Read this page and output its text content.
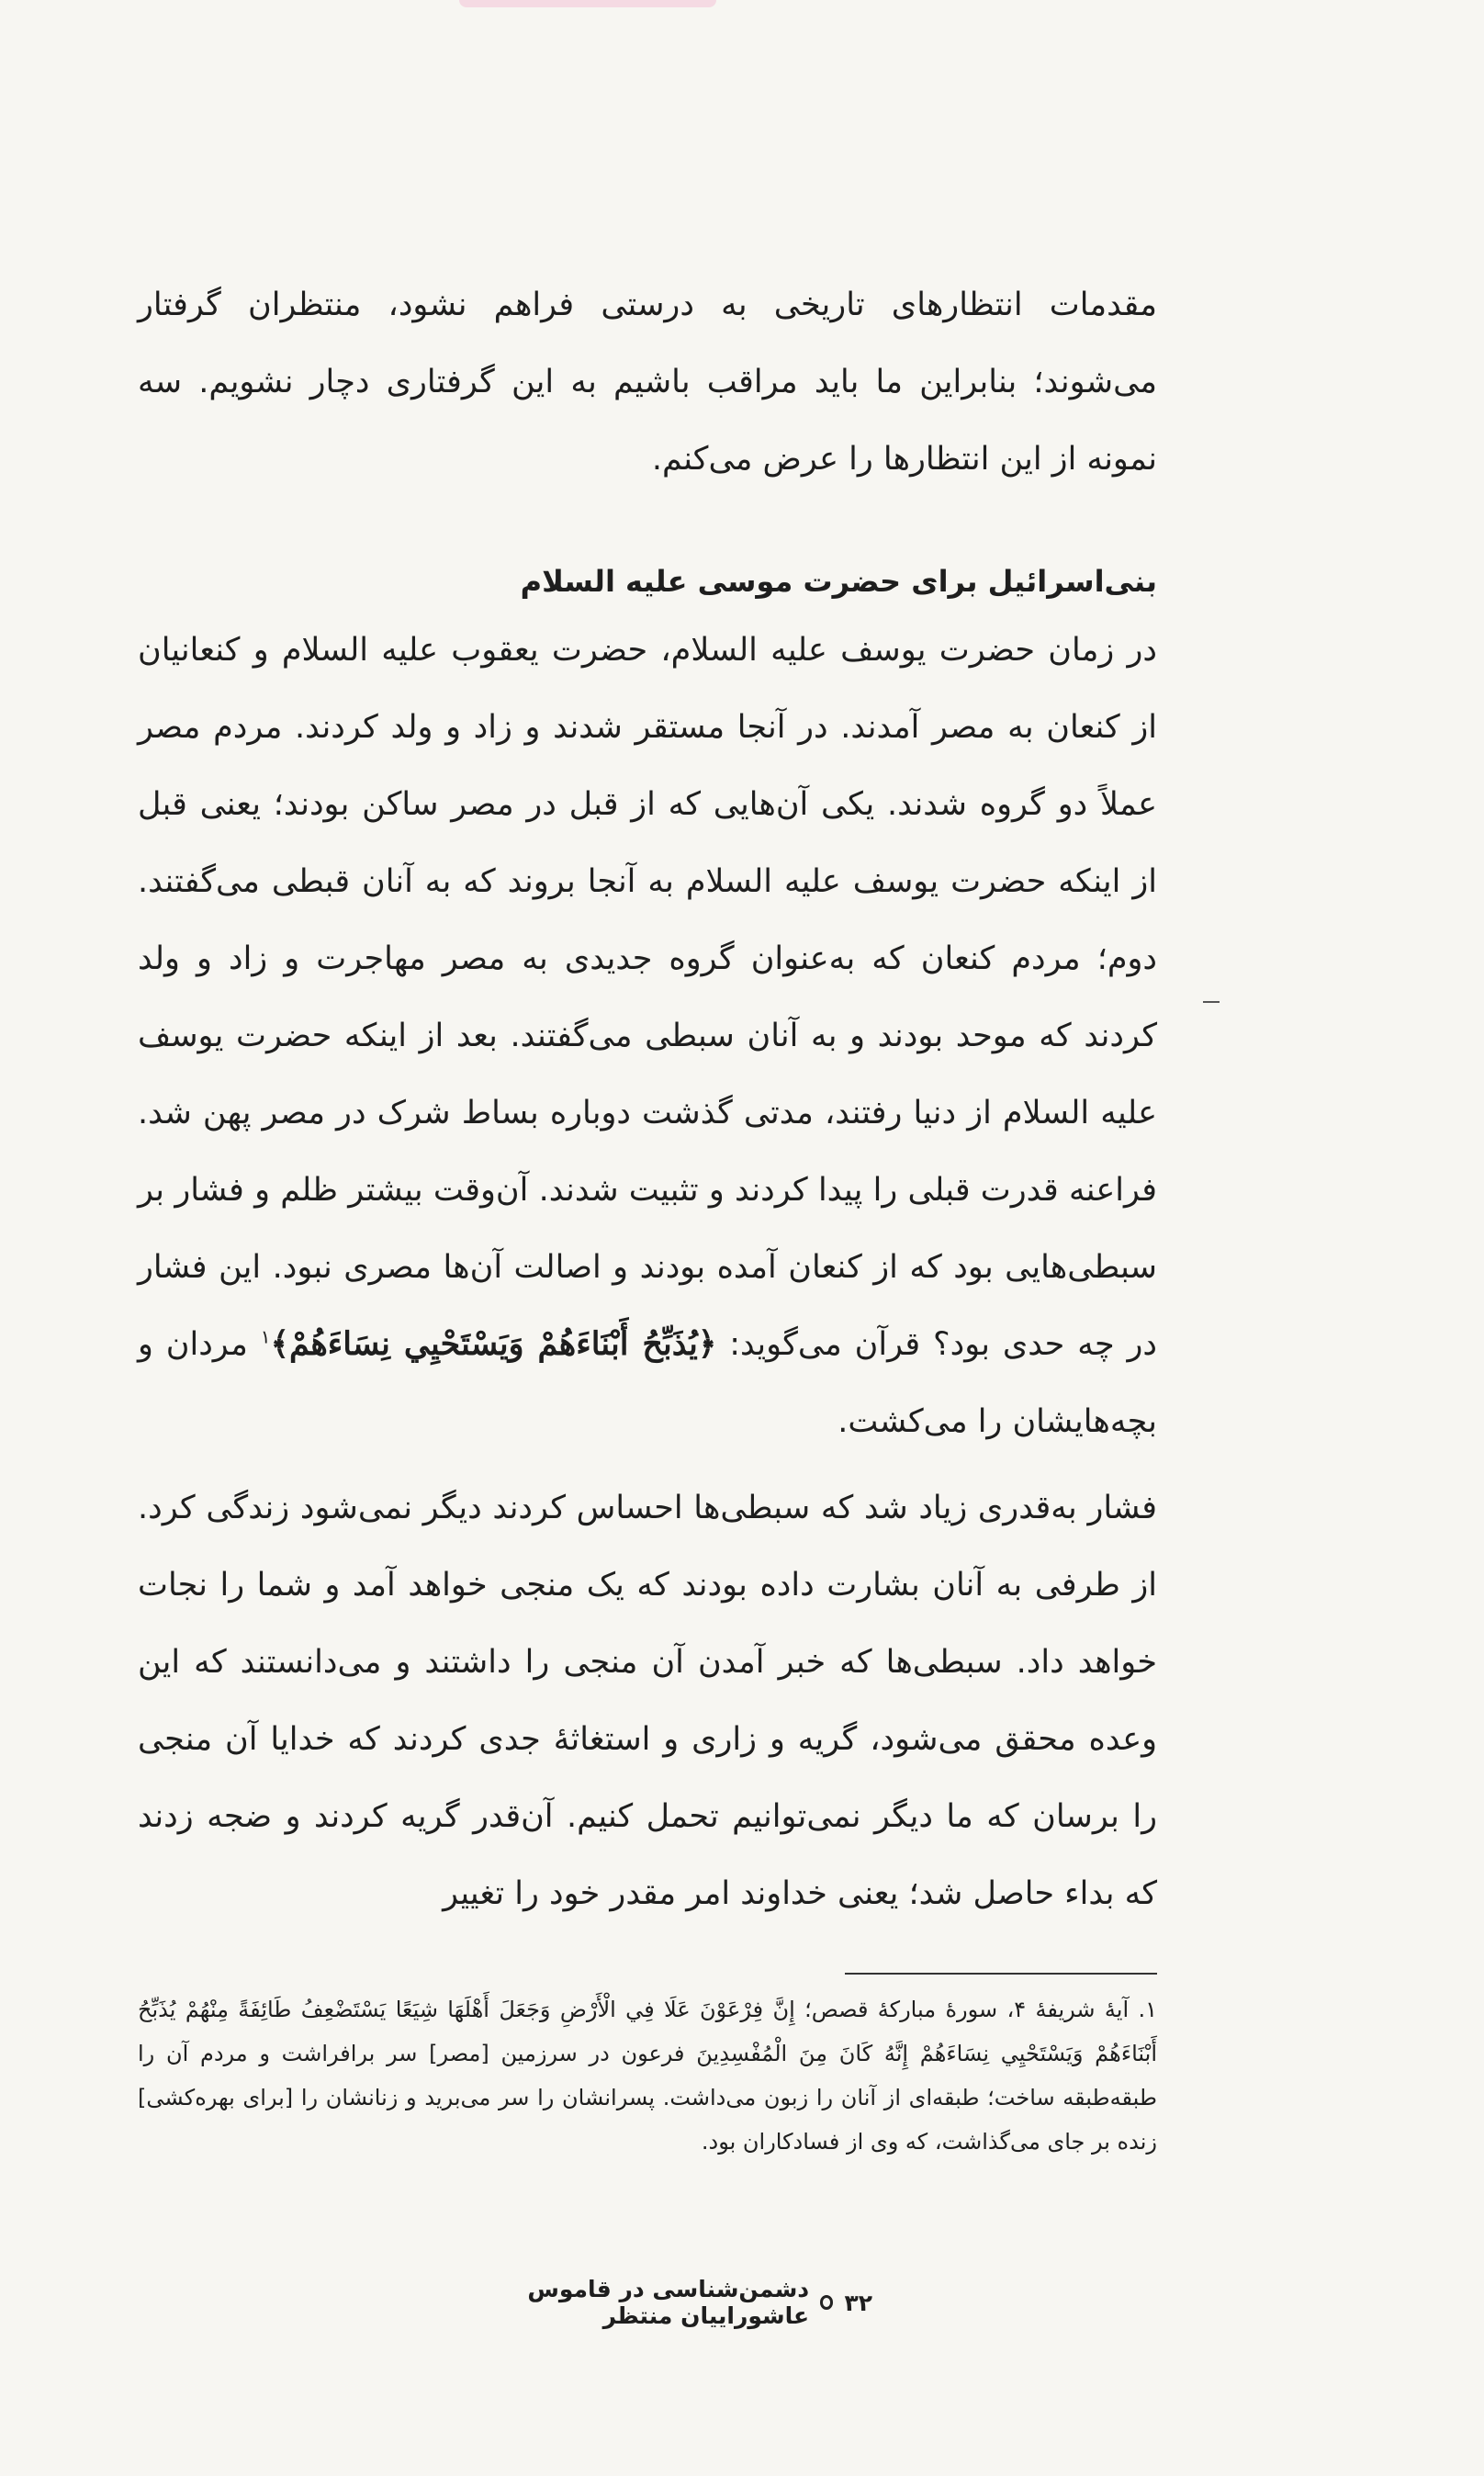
مقدمات انتظارهای تاریخی به درستی فراهم نشود، منتظران گرفتار می‌شوند؛ بنابراین ما باید مراقب باشیم به این گرفتاری دچار نشویم. سه نمونه از این انتظارها را عرض می‌کنم.

بنی‌اسرائیل برای حضرت موسی علیه السلام

در زمان حضرت یوسف علیه السلام، حضرت یعقوب علیه السلام و کنعانیان از کنعان به مصر آمدند. در آنجا مستقر شدند و زاد و ولد کردند. مردم مصر عملاً دو گروه شدند. یکی آن‌هایی که از قبل در مصر ساکن بودند؛ یعنی قبل از اینکه حضرت یوسف علیه السلام به آنجا بروند که به آنان قبطی می‌گفتند. دوم؛ مردم کنعان که به‌عنوان گروه جدیدی به مصر مهاجرت و زاد و ولد کردند که موحد بودند و به آنان سبطی می‌گفتند. بعد از اینکه حضرت یوسف علیه السلام از دنیا رفتند، مدتی گذشت دوباره بساط شرک در مصر پهن شد. فراعنه قدرت قبلی را پیدا کردند و تثبیت شدند. آن‌وقت بیشتر ظلم و فشار بر سبطی‌هایی بود که از کنعان آمده بودند و اصالت آن‌ها مصری نبود. این فشار در چه حدی بود؟ قرآن می‌گوید: ﴿يُذَبِّحُ أَبْنَاءَهُمْ وَيَسْتَحْيِي نِسَاءَهُمْ﴾$^۱$ مردان و بچه‌هایشان را می‌کشت.

فشار به‌قدری زیاد شد که سبطی‌ها احساس کردند دیگر نمی‌شود زندگی کرد. از طرفی به آنان بشارت داده بودند که یک منجی خواهد آمد و شما را نجات خواهد داد. سبطی‌ها که خبر آمدن آن منجی را داشتند و می‌دانستند که این وعده محقق می‌شود، گریه و زاری و استغاثهٔ جدی کردند که خدایا آن منجی را برسان که ما دیگر نمی‌توانیم تحمل کنیم. آن‌قدر گریه کردند و ضجه زدند که بداء حاصل شد؛ یعنی خداوند امر مقدر خود را تغییر

۱. آیهٔ شریفهٔ ۴، سورهٔ مبارکهٔ قصص؛ إِنَّ فِرْعَوْنَ عَلَا فِي الْأَرْضِ وَجَعَلَ أَهْلَهَا شِيَعًا يَسْتَضْعِفُ طَائِفَةً مِنْهُمْ يُذَبِّحُ أَبْنَاءَهُمْ وَيَسْتَحْيِي نِسَاءَهُمْ إِنَّهُ كَانَ مِنَ الْمُفْسِدِينَ فرعون در سرزمین [مصر] سر برافراشت و مردم آن را طبقه‌طبقه ساخت؛ طبقه‌ای از آنان را زبون می‌داشت. پسرانشان را سر می‌برید و زنانشان را [برای بهره‌کشی] زنده بر جای می‌گذاشت، که وی از فسادکاران بود.
۳۲
دشمن‌شناسی در قاموس عاشوراییان منتظر
